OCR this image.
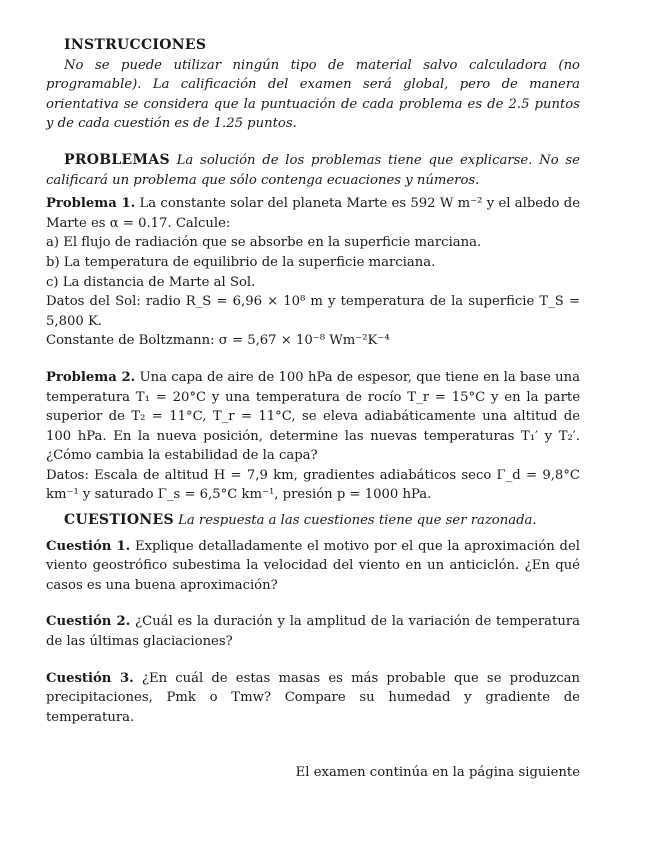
INSTRUCCIONES

No se puede utilizar ningún tipo de material salvo calculadora (no programable). La calificación del examen será global, pero de manera orientativa se considera que la puntuación de cada problema es de 2.5 puntos y de cada cuestión es de 1.25 puntos.

PROBLEMAS La solución de los problemas tiene que explicarse. No se calificará un problema que sólo contenga ecuaciones y números.

Problema 1. La constante solar del planeta Marte es 592 W m⁻² y el albedo de Marte es α = 0.17. Calcule:

a) El flujo de radiación que se absorbe en la superficie marciana.

b) La temperatura de equilibrio de la superficie marciana.

c) La distancia de Marte al Sol.

Datos del Sol: radio R_S = 6,96 × 10⁸ m y temperatura de la superficie T_S = 5,800 K.

Constante de Boltzmann: σ = 5,67 × 10⁻⁸ Wm⁻²K⁻⁴

Problema 2. Una capa de aire de 100 hPa de espesor, que tiene en la base una temperatura T₁ = 20°C y una temperatura de rocío T_r = 15°C y en la parte superior de T₂ = 11°C, T_r = 11°C, se eleva adiabáticamente una altitud de 100 hPa. En la nueva posición, determine las nuevas temperaturas T₁′ y T₂′. ¿Cómo cambia la estabilidad de la capa?

Datos: Escala de altitud H = 7,9 km, gradientes adiabáticos seco Γ_d = 9,8°C km⁻¹ y saturado Γ_s = 6,5°C km⁻¹, presión p = 1000 hPa.

CUESTIONES La respuesta a las cuestiones tiene que ser razonada.

Cuestión 1. Explique detalladamente el motivo por el que la aproximación del viento geostrófico subestima la velocidad del viento en un anticiclón. ¿En qué casos es una buena aproximación?

Cuestión 2. ¿Cuál es la duración y la amplitud de la variación de temperatura de las últimas glaciaciones?

Cuestión 3. ¿En cuál de estas masas es más probable que se produzcan precipitaciones, Pmk o Tmw? Compare su humedad y gradiente de temperatura.

El examen continúa en la página siguiente
